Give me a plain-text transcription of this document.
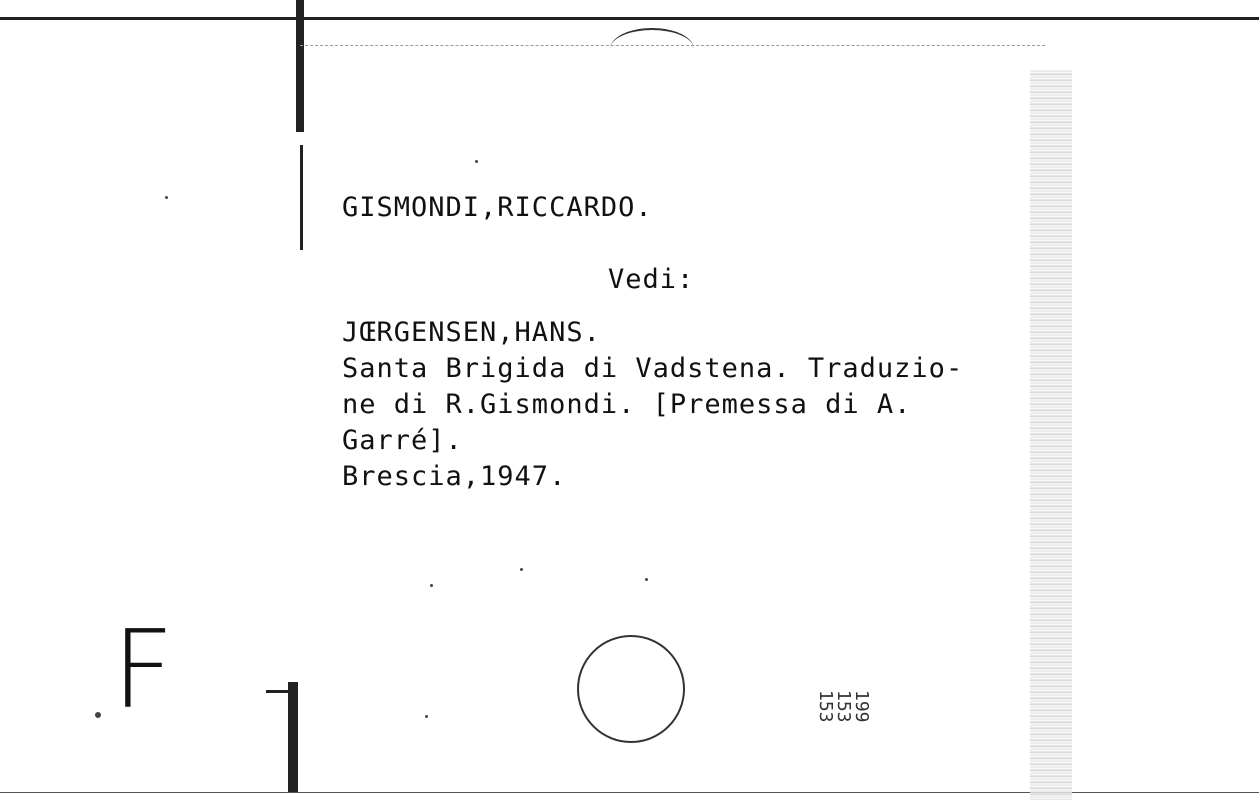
GISMONDI,RICCARDO.
Vedi:
JŒRGENSEN,HANS.
Santa Brigida di Vadstena. Traduzio-
ne di R.Gismondi. [Premessa di A.
Garré].
Brescia,1947.
F	199
153
153
